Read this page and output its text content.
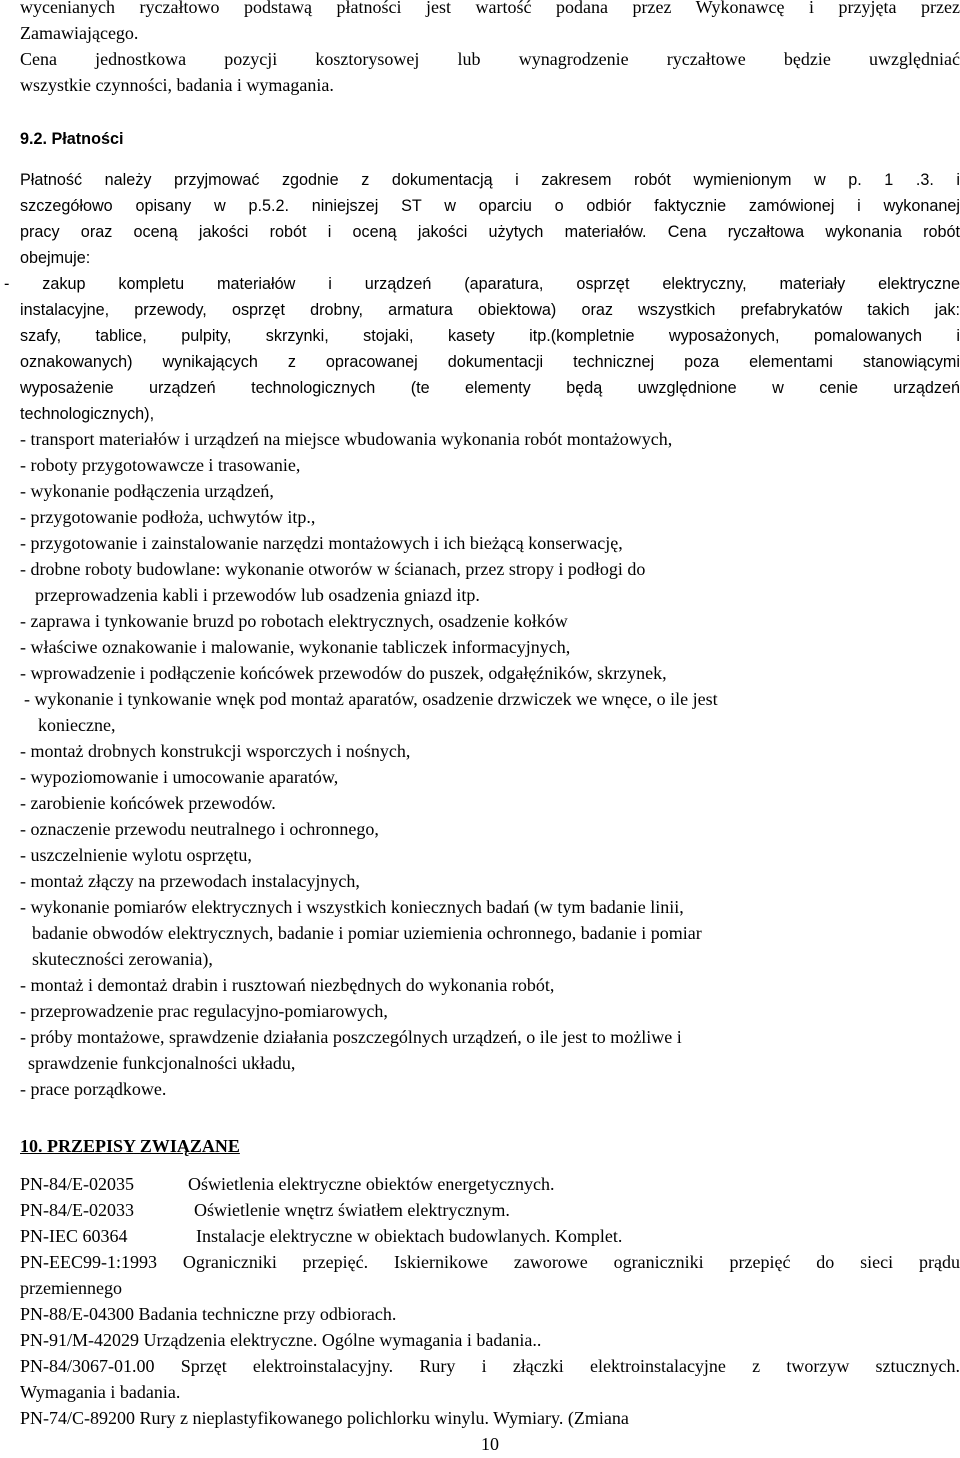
wycenianych ryczałtowo podstawą płatności jest wartość podana przez Wykonawcę i przyjęta przez
Zamawiającego.
Cena jednostkowa pozycji kosztorysowej lub wynagrodzenie ryczałtowe będzie uwzględniać
wszystkie czynności, badania i wymagania.
9.2. Płatności
Płatność należy przyjmować zgodnie z dokumentacją i zakresem robót wymienionym w p. 1 .3. i
szczegółowo opisany w p.5.2. niniejszej ST w oparciu o odbiór faktycznie zamówionej i wykonanej
pracy oraz oceną jakości robót i oceną jakości użytych materiałów. Cena ryczałtowa wykonania robót
obejmuje:
- zakup kompletu materiałów i urządzeń (aparatura, osprzęt elektryczny, materiały elektryczne
instalacyjne, przewody, osprzęt drobny, armatura obiektowa) oraz wszystkich prefabrykatów takich jak:
szafy, tablice, pulpity, skrzynki, stojaki, kasety itp.(kompletnie wyposażonych, pomalowanych i
oznakowanych) wynikających z opracowanej dokumentacji technicznej poza elementami stanowiącymi
wyposażenie urządzeń technologicznych (te elementy będą uwzględnione w cenie urządzeń
technologicznych),
- transport materiałów i urządzeń na miejsce wbudowania wykonania robót montażowych,
- roboty przygotowawcze i trasowanie,
- wykonanie podłączenia urządzeń,
- przygotowanie podłoża, uchwytów itp.,
- przygotowanie i zainstalowanie narzędzi montażowych i ich bieżącą konserwację,
- drobne roboty budowlane: wykonanie otworów w ścianach, przez stropy i podłogi do
przeprowadzenia kabli i przewodów lub osadzenia gniazd itp.
- zaprawa i tynkowanie bruzd po robotach elektrycznych, osadzenie kołków
- właściwe oznakowanie i malowanie, wykonanie tabliczek informacyjnych,
- wprowadzenie i podłączenie końcówek przewodów do puszek, odgałęźników, skrzynek,
- wykonanie i tynkowanie wnęk pod montaż aparatów, osadzenie drzwiczek we wnęce, o ile jest
konieczne,
- montaż drobnych konstrukcji wsporczych i nośnych,
- wypoziomowanie i umocowanie aparatów,
- zarobienie końcówek przewodów.
- oznaczenie przewodu neutralnego i ochronnego,
- uszczelnienie wylotu osprzętu,
- montaż złączy na przewodach instalacyjnych,
- wykonanie pomiarów elektrycznych i wszystkich koniecznych badań (w tym badanie linii,
badanie obwodów elektrycznych, badanie i pomiar uziemienia ochronnego, badanie i pomiar
skuteczności zerowania),
- montaż i demontaż drabin i rusztowań niezbędnych do wykonania robót,
- przeprowadzenie prac regulacyjno-pomiarowych,
- próby montażowe, sprawdzenie działania poszczególnych urządzeń, o ile jest to możliwe i
sprawdzenie funkcjonalności układu,
- prace porządkowe.
10. PRZEPISY ZWIĄZANE
PN-84/E-02035	Oświetlenia elektryczne obiektów energetycznych.
PN-84/E-02033	Oświetlenie wnętrz światłem elektrycznym.
PN-IEC 60364	Instalacje elektryczne w obiektach budowlanych. Komplet.
PN-EEC99-1:1993 Ograniczniki przepięć. Iskiernikowe zaworowe ograniczniki przepięć do sieci prądu
przemiennego
PN-88/E-04300 Badania techniczne przy odbiorach.
PN-91/M-42029 Urządzenia elektryczne. Ogólne wymagania i badania..
PN-84/3067-01.00 Sprzęt elektroinstalacyjny. Rury i złączki elektroinstalacyjne z tworzyw sztucznych.
Wymagania i badania.
PN-74/C-89200 Rury z nieplastyfikowanego polichlorku winylu. Wymiary. (Zmiana
10
